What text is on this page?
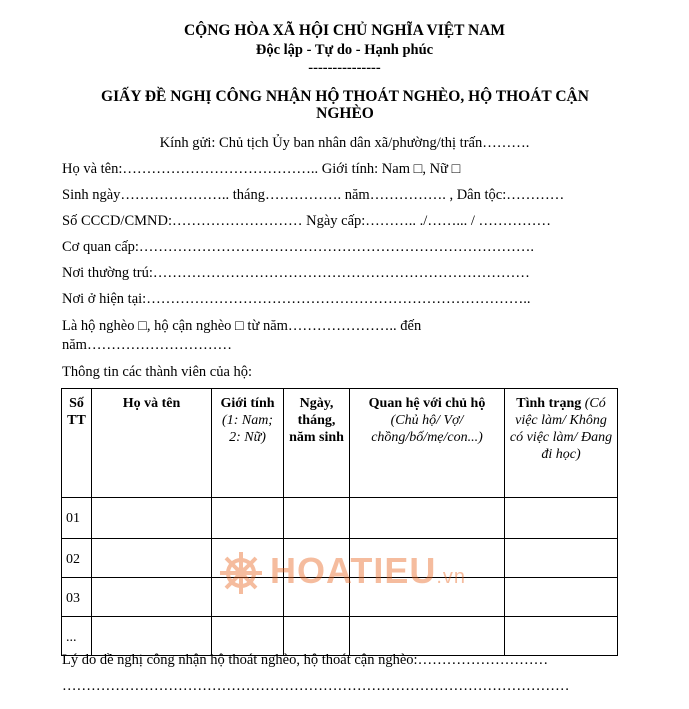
CỘNG HÒA XÃ HỘI CHỦ NGHĨA VIỆT NAM
Độc lập - Tự do - Hạnh phúc
---------------
GIẤY ĐỀ NGHỊ CÔNG NHẬN HỘ THOÁT NGHÈO, HỘ THOÁT CẬN NGHÈO
Kính gửi: Chủ tịch Ủy ban nhân dân xã/phường/thị trấn……….
Họ và tên:………………………………….. Giới tính: Nam □, Nữ □
Sinh ngày………………….. tháng……………. năm……………. , Dân tộc:…………
Số CCCD/CMND:……………………… Ngày cấp:……….. ./……... / ……………
Cơ quan cấp:……………………………………………………………………….
Nơi thường trú:……………………………………………………………………
Nơi ở hiện tại:……………………………………………………………………..
Là hộ nghèo □, hộ cận nghèo □ từ năm………………….. đến
năm…………………………
Thông tin các thành viên của hộ:
Số TT	Họ và tên	Giới tính (1: Nam; 2: Nữ)	Ngày, tháng, năm sinh	Quan hệ với chủ hộ (Chủ hộ/ Vợ/ chồng/bố/mẹ/con...)	Tình trạng (Có việc làm/ Không có việc làm/ Đang đi học)
01					
02					
03					
...					
HOATIEU.vn
Lý do đề nghị công nhận hộ thoát nghèo, hộ thoát cận nghèo:………………………
……………………………………………………………………………………………
